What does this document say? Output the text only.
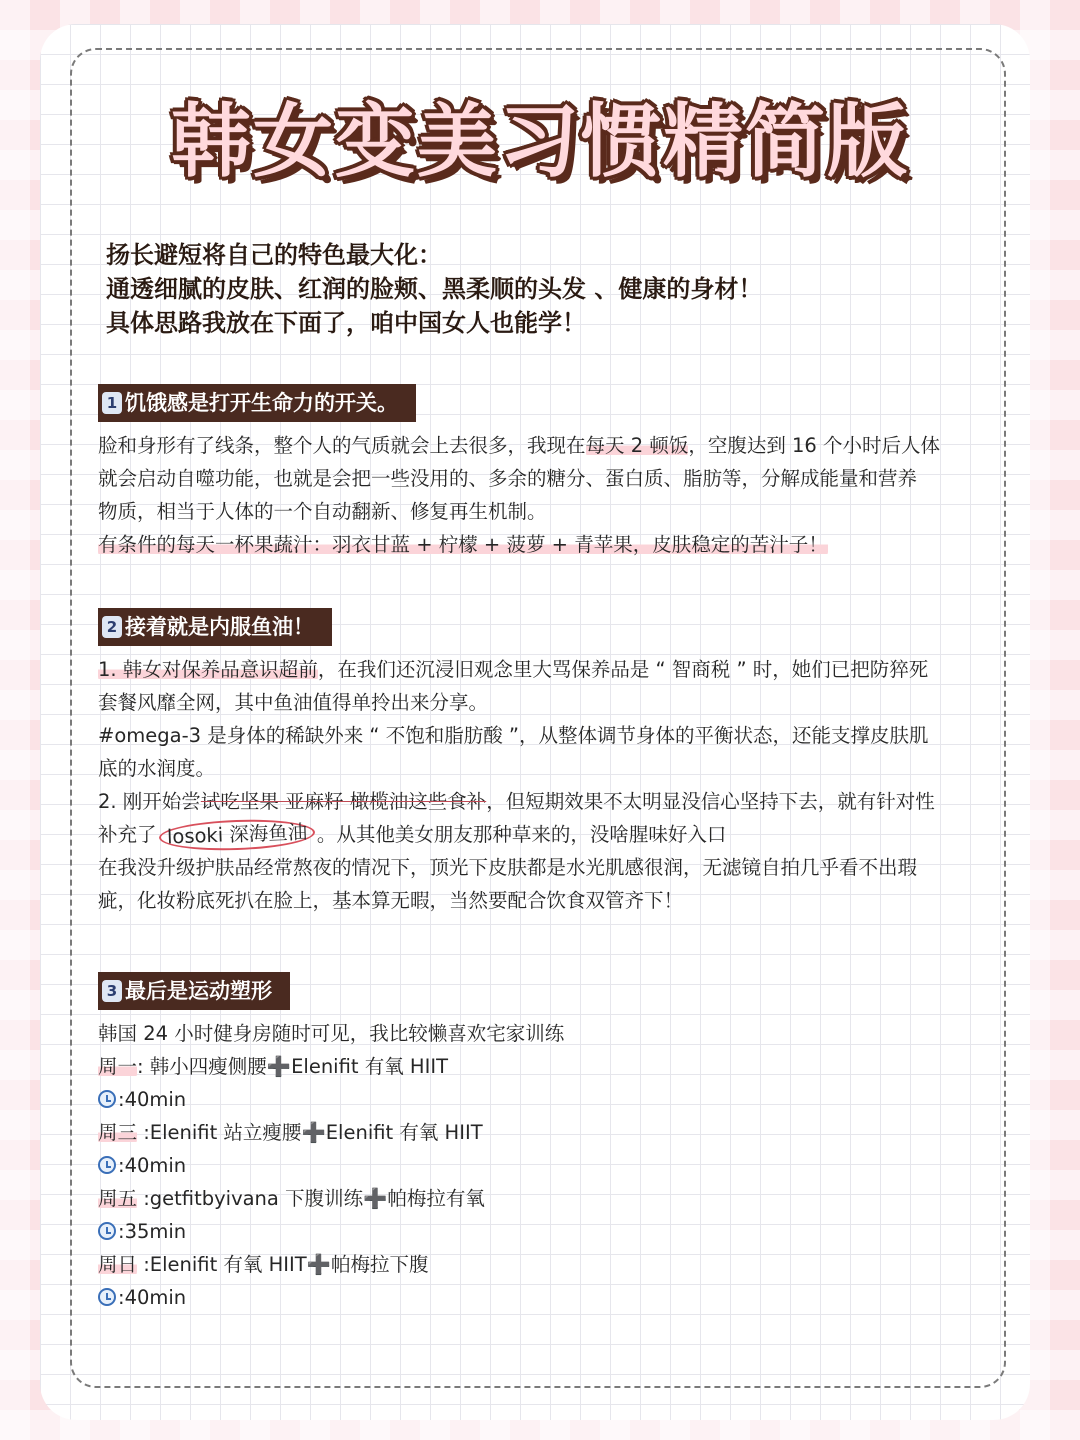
韩女变美习惯精简版
扬长避短将自己的特色最大化：
通透细腻的皮肤、红润的脸颊、黑柔顺的头发 、健康的身材！
具体思路我放在下面了，咱中国女人也能学！
1 饥饿感是打开生命力的开关。
脸和身形有了线条，整个人的气质就会上去很多，我现在每天 2 顿饭，空腹达到 16 个小时后人体
就会启动自噬功能，也就是会把一些没用的、多余的糖分、蛋白质、脂肪等，分解成能量和营养
物质，相当于人体的一个自动翻新、修复再生机制。
有条件的每天一杯果蔬汁：羽衣甘蓝 + 柠檬 + 菠萝 + 青苹果，皮肤稳定的苦汁子！
2 接着就是内服鱼油！
1. 韩女对保养品意识超前，在我们还沉浸旧观念里大骂保养品是 “ 智商税 ” 时，她们已把防猝死
套餐风靡全网，其中鱼油值得单拎出来分享。
#omega-3 是身体的稀缺外来 “ 不饱和脂肪酸 ”，从整体调节身体的平衡状态，还能支撑皮肤肌
底的水润度。
2. 刚开始尝试吃坚果 亚麻籽 橄榄油这些食补，但短期效果不太明显没信心坚持下去，就有针对性
补充了 losoki 深海鱼油 。从其他美女朋友那种草来的，没啥腥味好入口
在我没升级护肤品经常熬夜的情况下，顶光下皮肤都是水光肌感很润，无滤镜自拍几乎看不出瑕
疵，化妆粉底死扒在脸上，基本算无暇，当然要配合饮食双管齐下！
3 最后是运动塑形
韩国 24 小时健身房随时可见，我比较懒喜欢宅家训练
周一: 韩小四瘦侧腰➕Elenifit 有氧 HIIT
:40min
周三 :Elenifit 站立瘦腰➕Elenifit 有氧 HIIT
:40min
周五 :getfitbyivana 下腹训练➕帕梅拉有氧
:35min
周日 :Elenifit 有氧 HIIT➕帕梅拉下腹
:40min
